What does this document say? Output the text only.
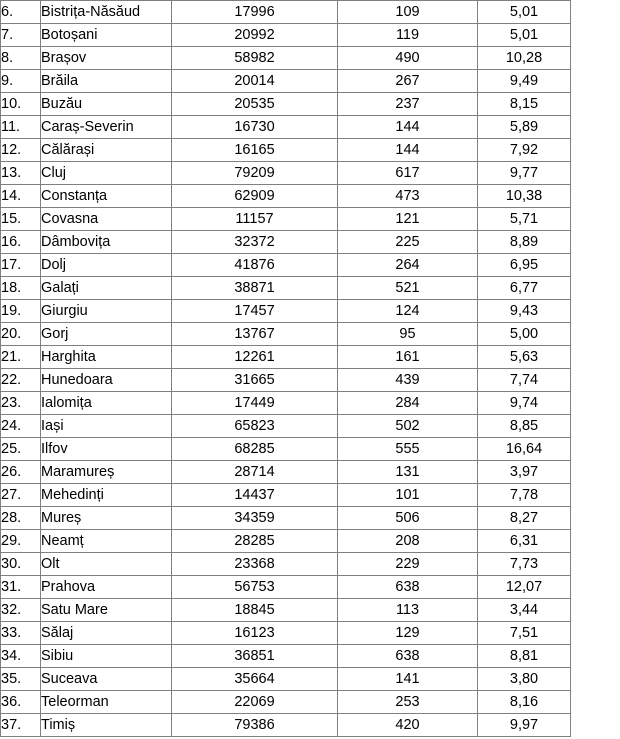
6.	Bistrița-Năsăud	17996	109	5,01
7.	Botoșani	20992	119	5,01
8.	Brașov	58982	490	10,28
9.	Brăila	20014	267	9,49
10.	Buzău	20535	237	8,15
11.	Caraș-Severin	16730	144	5,89
12.	Călărași	16165	144	7,92
13.	Cluj	79209	617	9,77
14.	Constanța	62909	473	10,38
15.	Covasna	11157	121	5,71
16.	Dâmbovița	32372	225	8,89
17.	Dolj	41876	264	6,95
18.	Galați	38871	521	6,77
19.	Giurgiu	17457	124	9,43
20.	Gorj	13767	95	5,00
21.	Harghita	12261	161	5,63
22.	Hunedoara	31665	439	7,74
23.	Ialomița	17449	284	9,74
24.	Iași	65823	502	8,85
25.	Ilfov	68285	555	16,64
26.	Maramureș	28714	131	3,97
27.	Mehedinți	14437	101	7,78
28.	Mureș	34359	506	8,27
29.	Neamț	28285	208	6,31
30.	Olt	23368	229	7,73
31.	Prahova	56753	638	12,07
32.	Satu Mare	18845	113	3,44
33.	Sălaj	16123	129	7,51
34.	Sibiu	36851	638	8,81
35.	Suceava	35664	141	3,80
36.	Teleorman	22069	253	8,16
37.	Timiș	79386	420	9,97
